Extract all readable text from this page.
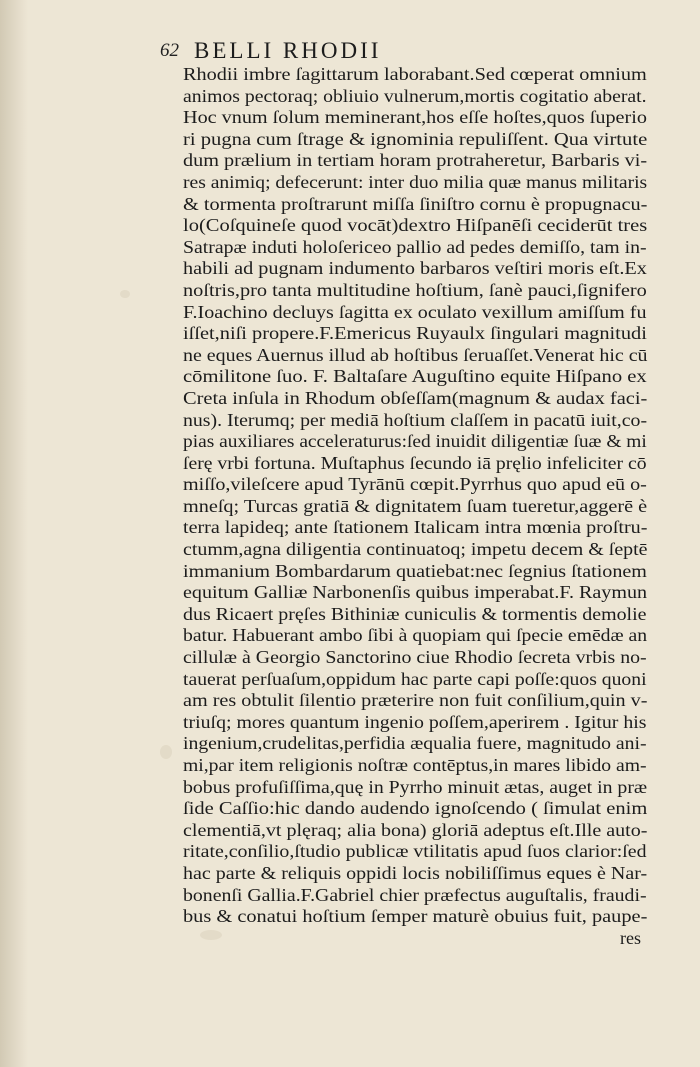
62 BELLI RHODII
Rhodii imbre ſagittarum laborabant.Sed cœperat omnium
animos pectoraq; obliuio vulnerum,mortis cogitatio aberat.
Hoc vnum ſolum meminerant,hos eſſe hoſtes,quos ſuperio
ri pugna cum ſtrage & ignominia repuliſſent. Qua virtute
dum prælium in tertiam horam protraheretur, Barbaris vi-
res animiq; defecerunt: inter duo milia quæ manus militaris
& tormenta proſtrarunt miſſa ſiniſtro cornu è propugnacu-
lo(Coſquineſe quod vocāt)dextro Hiſpanēſi ceciderūt tres
Satrapæ induti holoſericeo pallio ad pedes demiſſo, tam in-
habili ad pugnam indumento barbaros veſtiri moris eſt.Ex
noſtris,pro tanta multitudine hoſtium, ſanè pauci,ſignifero
F.Ioachino decluys ſagitta ex oculato vexillum amiſſum fu
iſſet,niſi propere.F.Emericus Ruyaulx ſingulari magnitudi
ne eques Auernus illud ab hoſtibus ſeruaſſet.Venerat hic cū
cōmilitone ſuo. F. Baltaſare Auguſtino equite Hiſpano ex
Creta inſula in Rhodum obſeſſam(magnum & audax faci-
nus). Iterumq; per mediā hoſtium claſſem in pacatū iuit,co-
pias auxiliares acceleraturus:ſed inuidit diligentiæ ſuæ & mi
ſerę vrbi fortuna. Muſtaphus ſecundo iā pręlio infeliciter cō
miſſo,vileſcere apud Tyrānū cœpit.Pyrrhus quo apud eū o-
mneſq; Turcas gratiā & dignitatem ſuam tueretur,aggerē è
terra lapideq; ante ſtationem Italicam intra mœnia proſtru-
ctumm,agna diligentia continuatoq; impetu decem & ſeptē
immanium Bombardarum quatiebat:nec ſegnius ſtationem
equitum Galliæ Narbonenſis quibus imperabat.F. Raymun
dus Ricaert pręſes Bithiniæ cuniculis & tormentis demolie
batur. Habuerant ambo ſibi à quopiam qui ſpecie emēdæ an
cillulæ à Georgio Sanctorino ciue Rhodio ſecreta vrbis no-
tauerat perſuaſum,oppidum hac parte capi poſſe:quos quoni
am res obtulit ſilentio præterire non fuit conſilium,quin v-
triuſq; mores quantum ingenio poſſem,aperirem . Igitur his
ingenium,crudelitas,perfidia æqualia fuere, magnitudo ani-
mi,par item religionis noſtræ contēptus,in mares libido am-
bobus profuſiſſima,quę in Pyrrho minuit ætas, auget in præ
ſide Caſſio:hic dando audendo ignoſcendo ( ſimulat enim
clementiā,vt plęraq; alia bona) gloriā adeptus eſt.Ille auto-
ritate,conſilio,ſtudio publicæ vtilitatis apud ſuos clarior:ſed
hac parte & reliquis oppidi locis nobiliſſimus eques è Nar-
bonenſi Gallia.F.Gabriel chier præfectus auguſtalis, fraudi-
bus & conatui hoſtium ſemper maturè obuius fuit, paupe-
res
